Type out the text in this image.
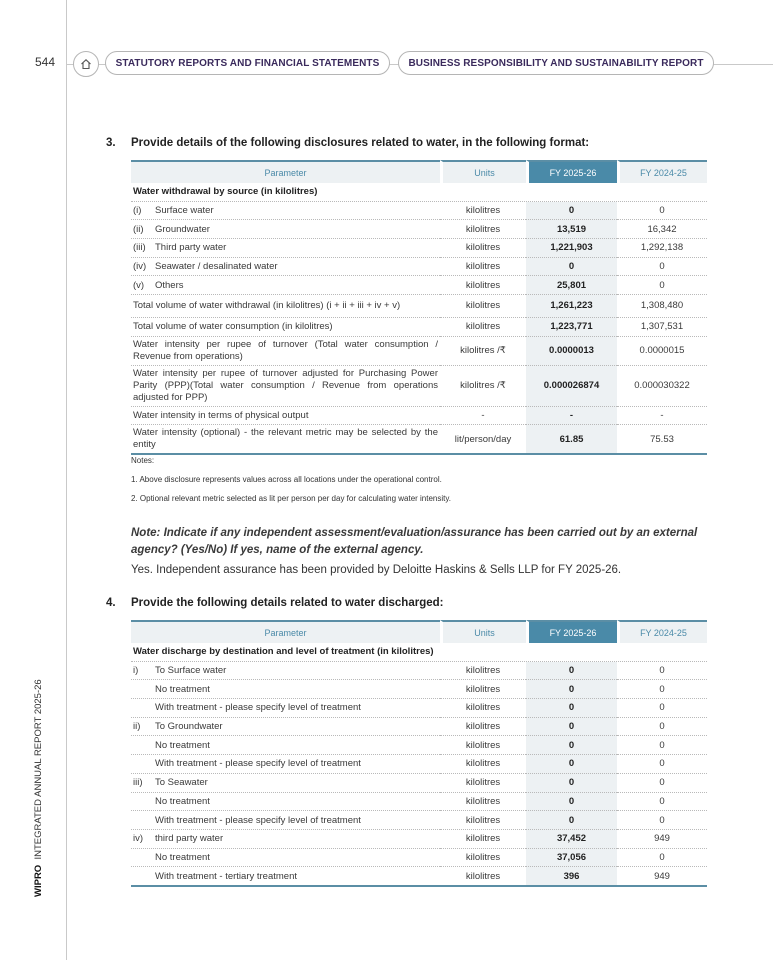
544	STATUTORY REPORTS AND FINANCIAL STATEMENTS	BUSINESS RESPONSIBILITY AND SUSTAINABILITY REPORT
WIPRO  INTEGRATED ANNUAL REPORT 2025-26
3. Provide details of the following disclosures related to water, in the following format:
Parameter	Units	FY 2025-26	FY 2024-25
Water withdrawal by source (in kilolitres)			
(i) Surface water	kilolitres	0	0
(ii) Groundwater	kilolitres	13,519	16,342
(iii) Third party water	kilolitres	1,221,903	1,292,138
(iv) Seawater / desalinated water	kilolitres	0	0
(v) Others	kilolitres	25,801	0
Total volume of water withdrawal (in kilolitres) (i + ii + iii + iv + v)	kilolitres	1,261,223	1,308,480
Total volume of water consumption (in kilolitres)	kilolitres	1,223,771	1,307,531
Water intensity per rupee of turnover (Total water consumption / Revenue from operations)	kilolitres /₹	0.0000013	0.0000015
Water intensity per rupee of turnover adjusted for Purchasing Power Parity (PPP)(Total water consumption / Revenue from operations adjusted for PPP)	kilolitres /₹	0.000026874	0.000030322
Water intensity in terms of physical output	-	-	-
Water intensity (optional) - the relevant metric may be selected by the entity	lit/person/day	61.85	75.53
Notes:
1. Above disclosure represents values across all locations under the operational control.
2. Optional relevant metric selected as lit per person per day for calculating water intensity.
Note: Indicate if any independent assessment/evaluation/assurance has been carried out by an external agency? (Yes/No) If yes, name of the external agency.
Yes. Independent assurance has been provided by Deloitte Haskins & Sells LLP for FY 2025-26.
4. Provide the following details related to water discharged:
Parameter	Units	FY 2025-26	FY 2024-25
Water discharge by destination and level of treatment (in kilolitres)			
i) To Surface water	kilolitres	0	0
No treatment	kilolitres	0	0
With treatment - please specify level of treatment	kilolitres	0	0
ii) To Groundwater	kilolitres	0	0
No treatment	kilolitres	0	0
With treatment - please specify level of treatment	kilolitres	0	0
iii) To Seawater	kilolitres	0	0
No treatment	kilolitres	0	0
With treatment - please specify level of treatment	kilolitres	0	0
iv) third party water	kilolitres	37,452	949
No treatment	kilolitres	37,056	0
With treatment - tertiary treatment	kilolitres	396	949
